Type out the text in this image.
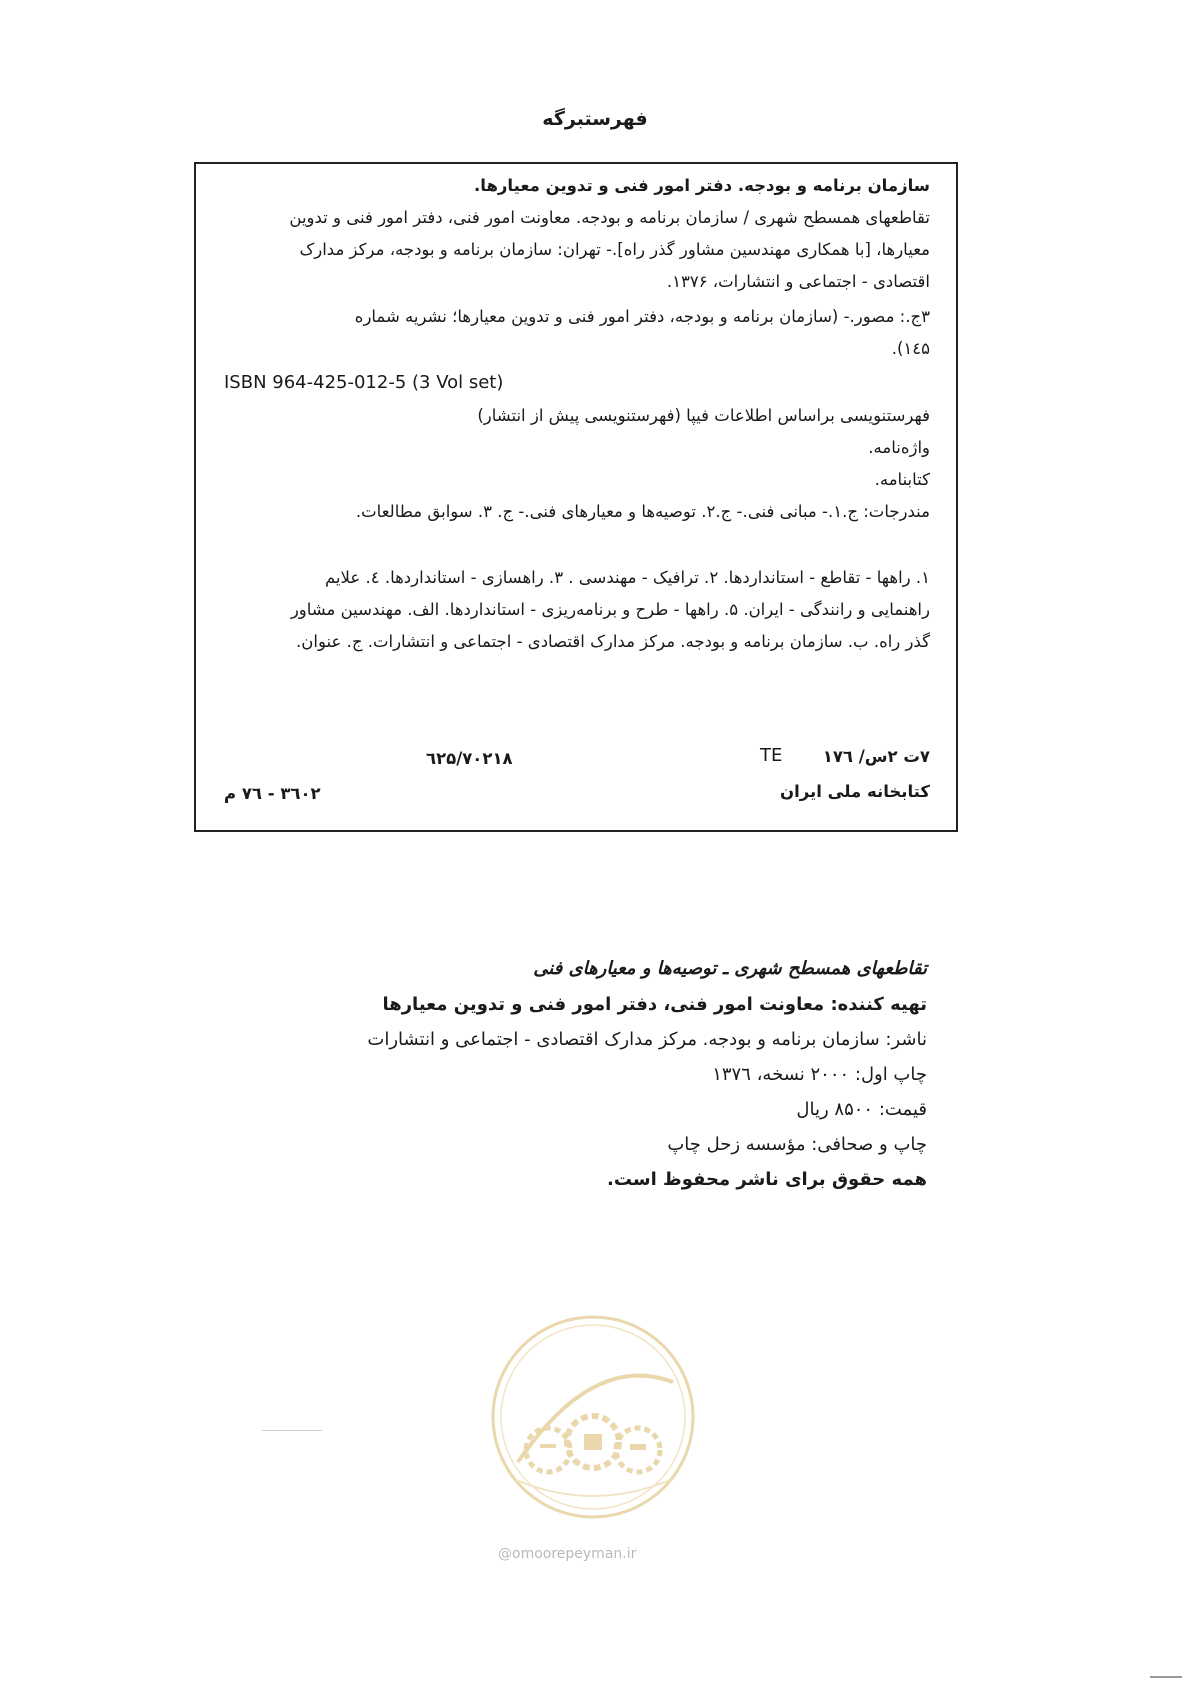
فهرستبرگه
سازمان برنامه و بودجه. دفتر امور فنی و تدوین معیارها.
تقاطعهای همسطح شهری / سازمان برنامه و بودجه. معاونت امور فنی، دفتر امور فنی و تدوین
معیارها، [با همکاری مهندسین مشاور گذر راه].- تهران: سازمان برنامه و بودجه، مرکز مدارک
اقتصادی - اجتماعی و انتشارات، ۱۳۷۶.
۳ج.: مصور.- (سازمان برنامه و بودجه، دفتر امور فنی و تدوین معیارها؛ نشریه شماره
۱٤۵).
ISBN 964-425-012-5 (3 Vol set)
فهرستنویسی براساس اطلاعات فیپا (فهرستنویسی پیش از انتشار)
واژه‌نامه.
کتابنامه.
مندرجات: ج.۱.- مبانی فنی.- ج.۲. توصیه‌ها و معیارهای فنی.- ج. ۳. سوابق مطالعات.
۱. راهها - تقاطع - استانداردها. ۲. ترافیک - مهندسی . ۳. راهسازی - استانداردها. ٤. علایم
راهنمایی و رانندگی - ایران. ۵. راهها - طرح و برنامه‌ریزی - استانداردها. الف. مهندسین مشاور
گذر راه. ب. سازمان برنامه و بودجه. مرکز مدارک اقتصادی - اجتماعی و انتشارات. ج. عنوان.
۷ت ۲س/ ۱۷٦
TE
٦۲۵/۷۰۲۱۸
کتابخانه ملی ایران
۳٦۰۲ - ۷٦ م
تقاطعهای همسطح شهری ـ توصیه‌ها و معیارهای فنی
تهیه کننده: معاونت امور فنی، دفتر امور فنی و تدوین معیارها
ناشر: سازمان برنامه و بودجه. مرکز مدارک اقتصادی - اجتماعی و انتشارات
چاپ اول: ۲۰۰۰ نسخه، ۱۳۷٦
قیمت: ۸۵۰۰ ریال
چاپ و صحافی: مؤسسه زحل چاپ
همه حقوق برای ناشر محفوظ است.
@omoorepeyman.ir
